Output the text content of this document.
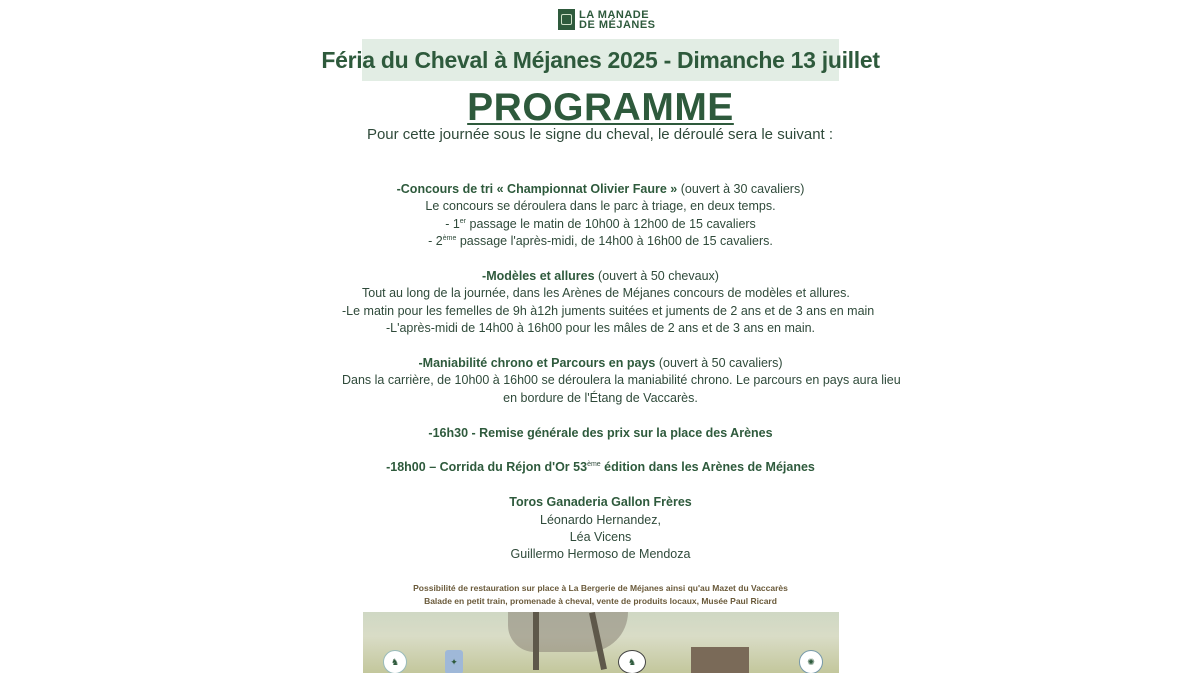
LA MANADE
DE MÉJANES
Féria du Cheval à Méjanes 2025 - Dimanche 13 juillet
PROGRAMME
Pour cette journée sous le signe du cheval, le déroulé sera le suivant :

-Concours de tri « Championnat Olivier Faure » (ouvert à 30 cavaliers)

Le concours se déroulera dans le parc à triage, en deux temps.

- 1er passage le matin de 10h00 à 12h00 de 15 cavaliers

- 2ème passage l'après-midi, de 14h00 à 16h00 de 15 cavaliers.

-Modèles et allures (ouvert à 50 chevaux)

Tout au long de la journée, dans les Arènes de Méjanes concours de modèles et allures.

-Le matin pour les femelles de 9h à12h juments suitées et juments de 2 ans et de 3 ans en main

-L'après-midi de 14h00 à 16h00 pour les mâles de 2 ans et de 3 ans en main.

-Maniabilité chrono et Parcours en pays (ouvert à 50 cavaliers)

Dans la carrière, de 10h00 à 16h00 se déroulera la maniabilité chrono. Le parcours en pays aura lieu

en bordure de l'Étang de Vaccarès.

-16h30 - Remise générale des prix sur la place des Arènes

-18h00 – Corrida du Réjon d'Or 53ème édition dans les Arènes de Méjanes

Toros Ganaderia Gallon Frères

Léonardo Hernandez,

Léa Vicens

Guillermo Hermoso de Mendoza

Possibilité de restauration sur place à La Bergerie de Méjanes ainsi qu'au Mazet du Vaccarès

Balade en petit train, promenade à cheval, vente de produits locaux, Musée Paul Ricard

♞	✦	♞	✺
